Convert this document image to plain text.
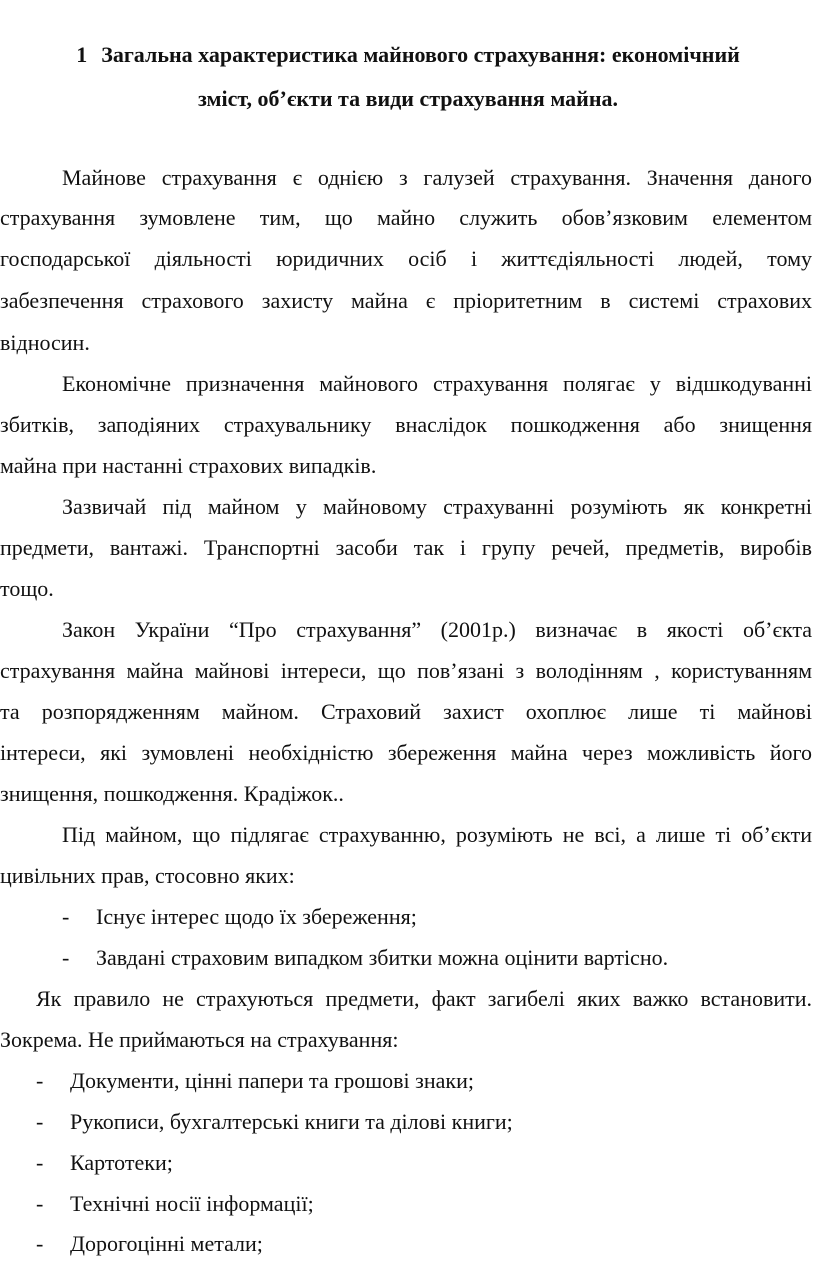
1 Загальна характеристика майнового страхування: економічний
зміст, об’єкти та види страхування майна.
Майнове страхування є однією з галузей страхування. Значення даного
страхування зумовлене тим, що майно служить обов’язковим елементом
господарської діяльності юридичних осіб і життєдіяльності людей, тому
забезпечення страхового захисту майна є пріоритетним в системі страхових
відносин.
Економічне призначення майнового страхування полягає у відшкодуванні
збитків, заподіяних страхувальнику внаслідок пошкодження або знищення
майна при настанні страхових випадків.
Зазвичай під майном у майновому страхуванні розуміють як конкретні
предмети, вантажі. Транспортні засоби так і групу речей, предметів, виробів
тощо.
Закон України “Про страхування” (2001р.) визначає в якості об’єкта
страхування майна майнові інтереси, що пов’язані з володінням , користуванням
та розпорядженням майном. Страховий захист охоплює лише ті майнові
інтереси, які зумовлені необхідністю збереження майна через можливість його
знищення, пошкодження. Крадіжок..
Під майном, що підлягає страхуванню, розуміють не всі, а лише ті об’єкти
цивільних прав, стосовно яких:
- Існує інтерес щодо їх збереження;
- Завдані страховим випадком збитки можна оцінити вартісно.
Як правило не страхуються предмети, факт загибелі яких важко встановити.
Зокрема. Не приймаються на страхування:
- Документи, цінні папери та грошові знаки;
- Рукописи, бухгалтерські книги та ділові книги;
- Картотеки;
- Технічні носії інформації;
- Дорогоцінні метали;
